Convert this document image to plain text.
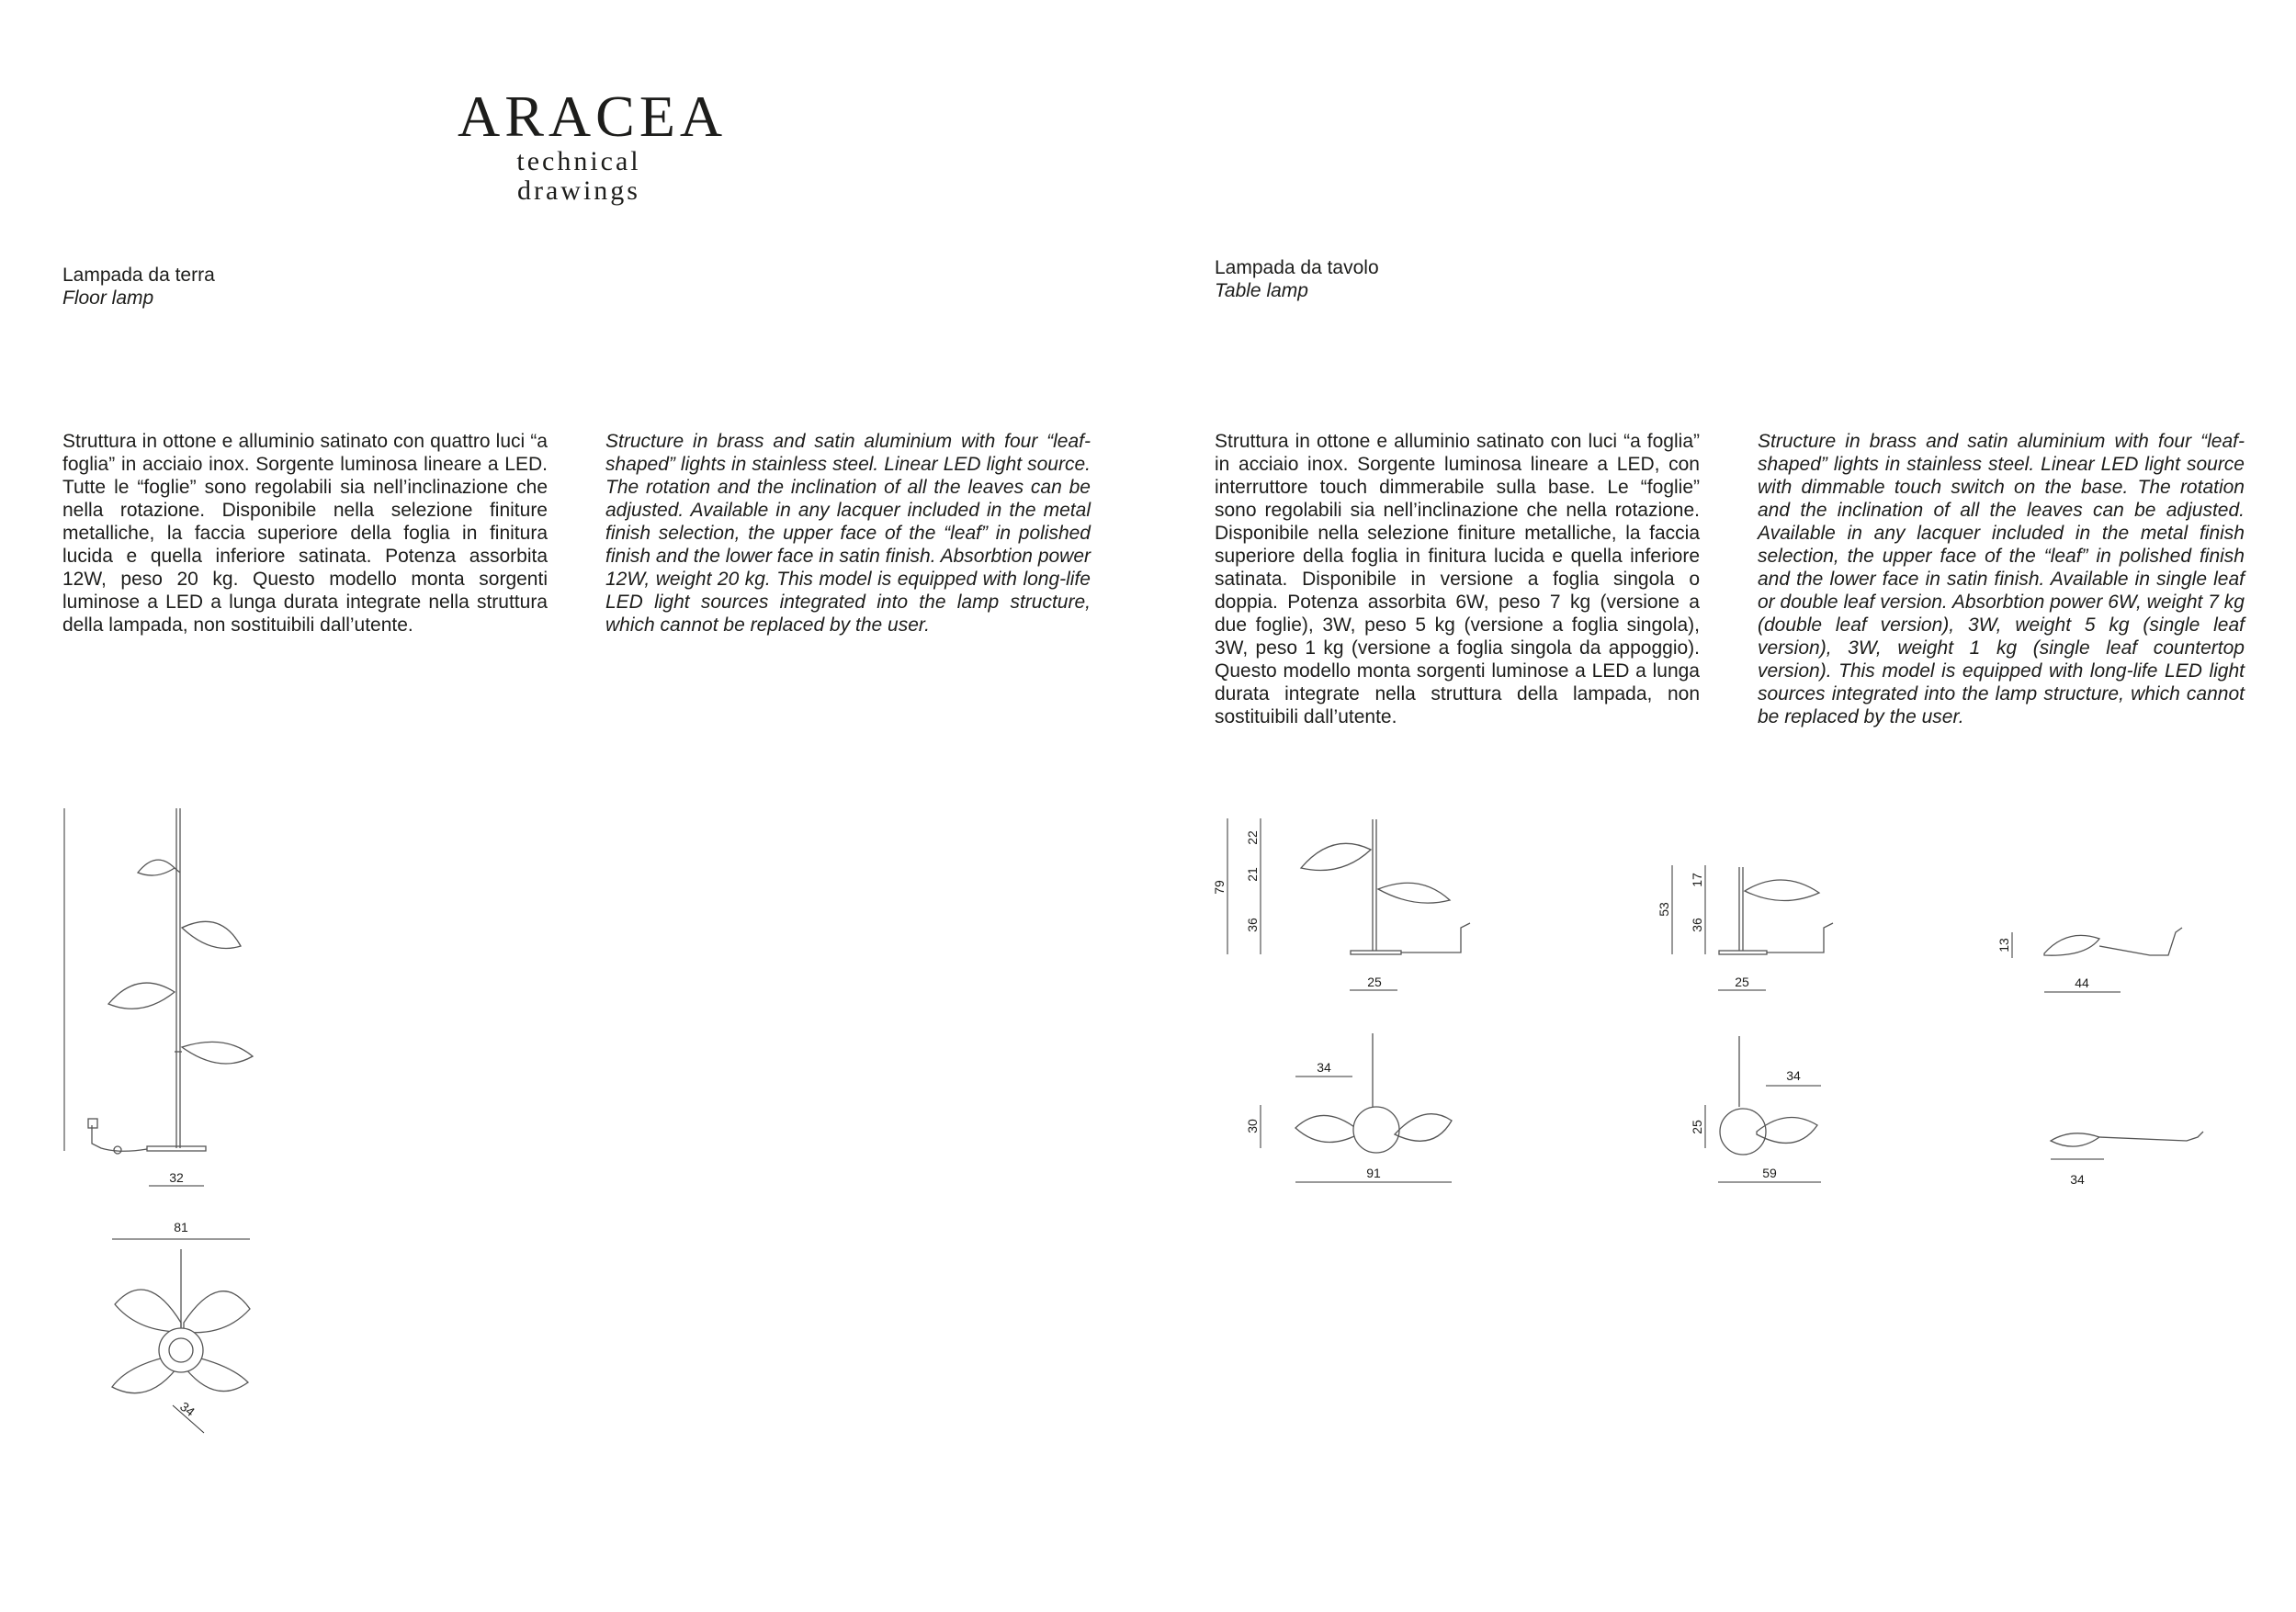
ARACEA
technical drawings
Lampada da terra
Floor lamp
Lampada da tavolo
Table lamp

Struttura in ottone e alluminio satinato con quattro luci “a foglia” in acciaio inox. Sorgente luminosa lineare a LED. Tutte le “foglie” sono regolabili sia nell’inclinazione che nella rotazione. Disponibile nella selezione finiture metalliche, la faccia superiore della foglia in finitura lucida e quella inferiore satinata. Potenza assorbita 12W, peso 20 kg. Questo modello monta sorgenti luminose a LED a lunga durata integrate nella struttura della lampada, non sostituibili dall’utente.

Structure in brass and satin aluminium with four “leaf-shaped” lights in stainless steel. Linear LED light source. The rotation and the inclination of all the leaves can be adjusted. Available in any lacquer included in the metal finish selection, the upper face of the “leaf” in polished finish and the lower face in satin finish. Absorbtion power 12W, weight 20 kg. This model is equipped with long-life LED light sources integrated into the lamp structure, which cannot be replaced by the user.

Struttura in ottone e alluminio satinato con luci “a foglia” in acciaio inox. Sorgente luminosa lineare a LED, con interruttore touch dimmerabile sulla base. Le “foglie” sono regolabili sia nell’inclinazione che nella rotazione. Disponibile nella selezione finiture metalliche, la faccia superiore della foglia in finitura lucida e quella inferiore satinata. Disponibile in versione a foglia singola o doppia. Potenza assorbita 6W, peso 7 kg (versione a due foglie), 3W, peso 5 kg (versione a foglia singola), 3W, peso 1 kg (versione a foglia singola da appoggio). Questo modello monta sorgenti luminose a LED a lunga durata integrate nella struttura della lampada, non sostituibili dall’utente.

Structure in brass and satin aluminium with four “leaf-shaped” lights in stainless steel. Linear LED light source with dimmable touch switch on the base. The rotation and the inclination of all the leaves can be adjusted. Available in any lacquer included in the metal finish selection, the upper face of the “leaf” in polished finish and the lower face in satin finish. Available in single leaf or double leaf version. Absorbtion power 6W, weight 7 kg (double leaf version), 3W, weight 5 kg (single leaf version), 3W, weight 1 kg (single leaf countertop version). This model is equipped with long-life LED light sources integrated into the lamp structure, which cannot be replaced by the user.

32
81
34
79
22
21
36
25
34
30
91
53
17
36
25
34
25
59
13
44
34
